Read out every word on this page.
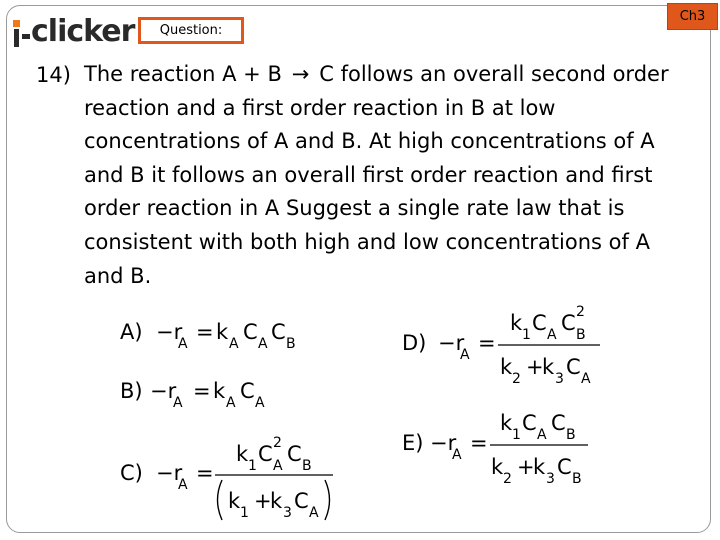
clicker	Question:
Ch3
14) The reaction A + B → C follows an overall second order reaction and a first order reaction in B at low concentrations of A and B. At high concentrations of A and B it follows an overall first order reaction and first order reaction in A Suggest a single rate law that is consistent with both high and low concentrations of A and B.

A) −r
A = k A C A C B
B) −r
A = k A C A
C) −r
A =
k 1 C 2
A C B
k 1 +
k 3 C A
D) −r
A =
k 1 C A C 2
B
k 2 +
k 3 C A
E) −r
A =
k 1 C A C B
k 2 +
k 3 C B
